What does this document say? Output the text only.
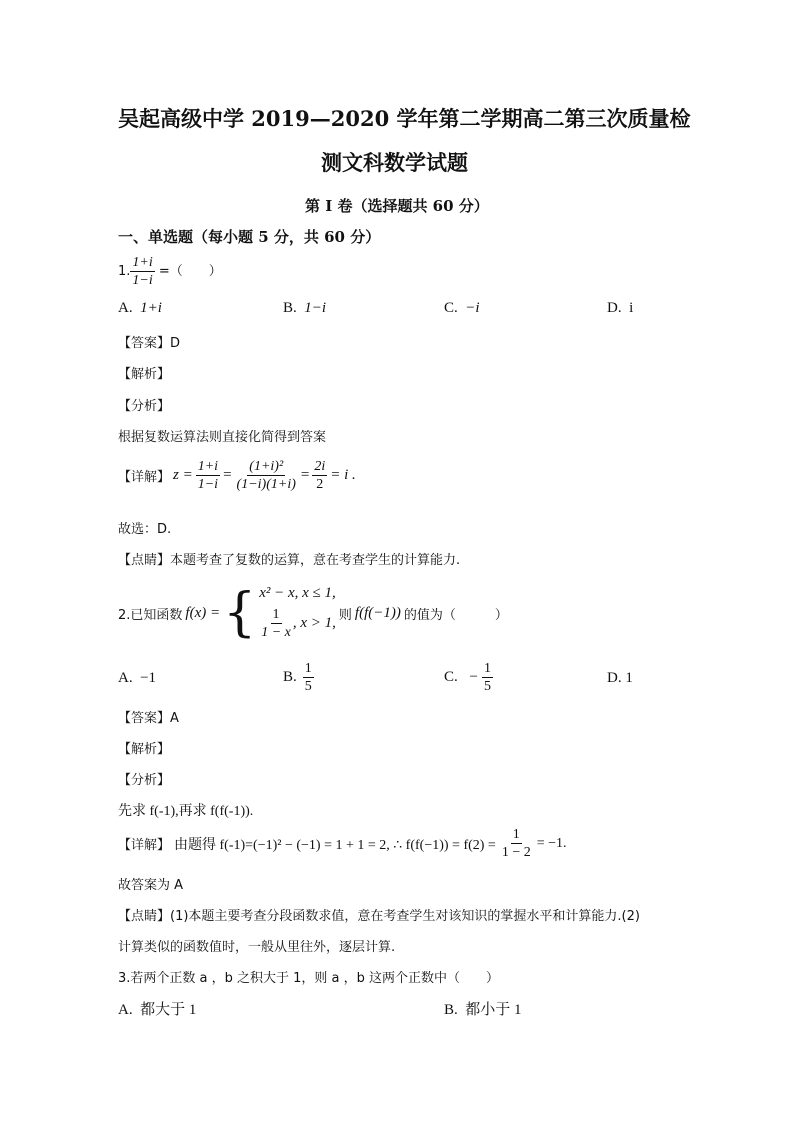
吴起高级中学 2019—2020 学年第二学期高二第三次质量检
测文科数学试题
第 I 卷（选择题共 60 分）
一、单选题（每小题 5 分，共 60 分）
1. $\frac{1+i}{1-i}$ =（　　）
A. 1+i	B. 1−i	C. −i	D. i
【答案】D
【解析】
【分析】
根据复数运算法则直接化简得到答案
【详解】 $z = \frac{1+i}{1-i} = \frac{\text{(1+i)²}}{(1-i)(1+i)} = \frac{2i}{2} = i$ .
故选：D.
【点睛】本题考查了复数的运算，意在考查学生的计算能力.
2.已知函数 f(x) = { x² − x, x ≤ 1,
$\frac{1}{1 - x}$ , x > 1, 则 f(f(−1)) 的值为（　　　）
A. −1	B. $\frac{1}{5}$	C.
− $\frac{1}{5}$	D. 1
【答案】A
【解析】
【分析】
先求 f(-1),再求 f(f(-1)).
【详解】 由题得 f(-1)=(−1)² − (−1) = 1 + 1 = 2, ∴ $f(f(-1)) = f(2) = \frac{1}{1 - 2} = -1$.
故答案为 A
【点睛】(1)本题主要考查分段函数求值，意在考查学生对该知识的掌握水平和计算能力.(2)
计算类似的函数值时，一般从里往外，逐层计算.
3.若两个正数 a ，b 之积大于 1，则 a ，b 这两个正数中（　　）
A. 都大于 1	B. 都小于 1
